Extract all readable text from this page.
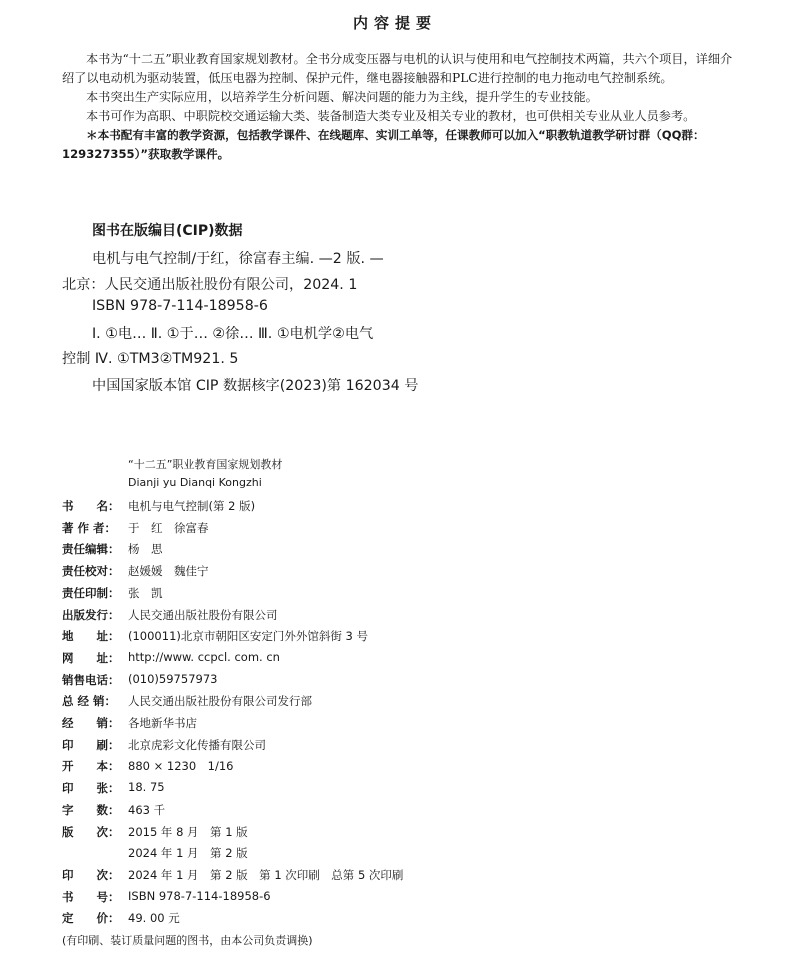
内容提要

本书为“十二五”职业教育国家规划教材。全书分成变压器与电机的认识与使用和电气控制技术两篇，共六个项目，详细介绍了以电动机为驱动装置，低压电器为控制、保护元件，继电器接触器和PLC进行控制的电力拖动电气控制系统。

本书突出生产实际应用，以培养学生分析问题、解决问题的能力为主线，提升学生的专业技能。

本书可作为高职、中职院校交通运输大类、装备制造大类专业及相关专业的教材，也可供相关专业从业人员参考。

＊本书配有丰富的教学资源，包括教学课件、在线题库、实训工单等，任课教师可以加入“职教轨道教学研讨群（QQ群：129327355）”获取教学课件。

图书在版编目(CIP)数据
电机与电气控制/于红，徐富春主编. —2 版. —
北京：人民交通出版社股份有限公司，2024. 1
ISBN 978-7-114-18958-6
Ⅰ. ①电… Ⅱ. ①于… ②徐… Ⅲ. ①电机学②电气
控制 Ⅳ. ①TM3②TM921. 5
中国国家版本馆 CIP 数据核字(2023)第 162034 号
“十二五”职业教育国家规划教材
Dianji yu Dianqi Kongzhi
书　　名： 电机与电气控制(第 2 版)
著 作 者：	于　红　徐富春
责任编辑： 杨　思
责任校对： 赵媛媛　魏佳宁
责任印制： 张　凯
出版发行： 人民交通出版社股份有限公司
地　　址： (100011)北京市朝阳区安定门外外馆斜街 3 号
网　　址： http://www. ccpcl. com. cn
销售电话： (010)59757973
总 经 销：	人民交通出版社股份有限公司发行部
经　　销： 各地新华书店
印　　刷： 北京虎彩文化传播有限公司
开　　本： 880 × 1230　1/16
印　　张： 18. 75
字　　数： 463 千
版　　次： 2015 年 8 月　第 1 版
2024 年 1 月　第 2 版
印　　次： 2024 年 1 月　第 2 版　第 1 次印刷　总第 5 次印刷
书　　号： ISBN 978-7-114-18958-6
定　　价： 49. 00 元
(有印刷、装订质量问题的图书，由本公司负责调换)
